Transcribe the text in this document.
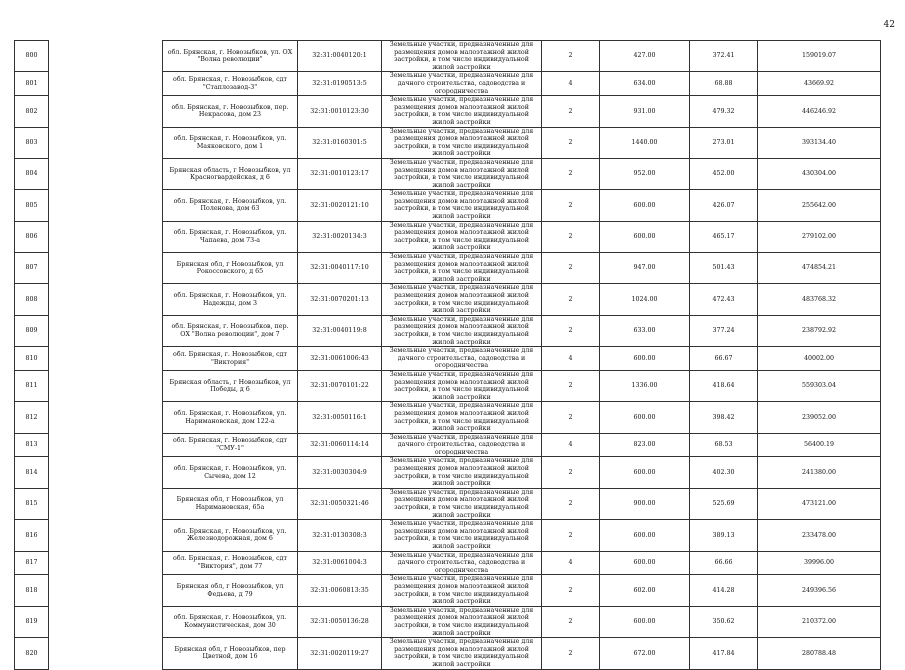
42
800		обл. Брянская, г. Новозыбков, ул. ОХ "Волна революции"	32:31:0040120:1	Земельные участки, предназначенные для размещения домов малоэтажной жилой застройки, в том числе индивидуальной жилой застройки	2	427.00	372.41	159019.07
801		обл. Брянская, г. Новозыбков, сдт "Стаплозавод-3"	32:31:0190513:5	Земельные участки, предназначенные для дачного строительства, садоводства и огородничества	4	634.00	68.88	43669.92
802		обл. Брянская, г. Новозыбков, пер. Некрасова, дом 23	32:31:0010123:30	Земельные участки, предназначенные для размещения домов малоэтажной жилой застройки, в том числе индивидуальной жилой застройки	2	931.00	479.32	446246.92
803		обл. Брянская, г. Новозыбков, ул. Маяковского, дом 1	32:31:0160301:5	Земельные участки, предназначенные для размещения домов малоэтажной жилой застройки, в том числе индивидуальной жилой застройки	2	1440.00	273.01	393134.40
804		Брянская область, г Новозыбков, ул Красногвардейская, д 6	32:31:0010123:17	Земельные участки, предназначенные для размещения домов малоэтажной жилой застройки, в том числе индивидуальной жилой застройки	2	952.00	452.00	430304.00
805		обл. Брянская, г. Новозыбков, ул. Поленова, дом 63	32:31:0020121:10	Земельные участки, предназначенные для размещения домов малоэтажной жилой застройки, в том числе индивидуальной жилой застройки	2	600.00	426.07	255642.00
806		обл. Брянская, г. Новозыбков, ул. Чапаева, дом 73-а	32:31:0020134:3	Земельные участки, предназначенные для размещения домов малоэтажной жилой застройки, в том числе индивидуальной жилой застройки	2	600.00	465.17	279102.00
807		Брянская обл, г Новозыбков, ул Рокоссовского, д 65	32:31:0040117:10	Земельные участки, предназначенные для размещения домов малоэтажной жилой застройки, в том числе индивидуальной жилой застройки	2	947.00	501.43	474854.21
808		обл. Брянская, г. Новозыбков, ул. Надежды, дом 3	32:31:0070201:13	Земельные участки, предназначенные для размещения домов малоэтажной жилой застройки, в том числе индивидуальной жилой застройки	2	1024.00	472.43	483768.32
809		обл. Брянская, г. Новозыбков, пер. ОХ "Волна революции", дом 7	32:31:0040119:8	Земельные участки, предназначенные для размещения домов малоэтажной жилой застройки, в том числе индивидуальной жилой застройки	2	633.00	377.24	238792.92
810		обл. Брянская, г. Новозыбков, сдт "Виктория"	32:31:0061006:43	Земельные участки, предназначенные для дачного строительства, садоводства и огородничества	4	600.00	66.67	40002.00
811		Брянская область, г Новозыбков, ул Победы, д 6	32:31:0070101:22	Земельные участки, предназначенные для размещения домов малоэтажной жилой застройки, в том числе индивидуальной жилой застройки	2	1336.00	418.64	559303.04
812		обл. Брянская, г. Новозыбков, ул. Наримановская, дом 122-а	32:31:0050116:1	Земельные участки, предназначенные для размещения домов малоэтажной жилой застройки, в том числе индивидуальной жилой застройки	2	600.00	398.42	239052.00
813		обл. Брянская, г. Новозыбков, сдт "СМУ-1"	32:31:0060114:14	Земельные участки, предназначенные для дачного строительства, садоводства и огородничества	4	823.00	68.53	56400.19
814		обл. Брянская, г. Новозыбков, ул. Сычева, дом 12	32:31:0030304:9	Земельные участки, предназначенные для размещения домов малоэтажной жилой застройки, в том числе индивидуальной жилой застройки	2	600.00	402.30	241380.00
815		Брянская обл, г Новозыбков, ул Наримановская, 65а	32:31:0050321:46	Земельные участки, предназначенные для размещения домов малоэтажной жилой застройки, в том числе индивидуальной жилой застройки	2	900.00	525.69	473121.00
816		обл. Брянская, г. Новозыбков, ул. Железнодорожная, дом 6	32:31:0130308:3	Земельные участки, предназначенные для размещения домов малоэтажной жилой застройки, в том числе индивидуальной жилой застройки	2	600.00	389.13	233478.00
817		обл. Брянская, г. Новозыбков, сдт "Виктория", дом 77	32:31:0061004:3	Земельные участки, предназначенные для дачного строительства, садоводства и огородничества	4	600.00	66.66	39996.00
818		Брянская обл, г Новозыбков, ул Федьева, д 79	32:31:0060813:35	Земельные участки, предназначенные для размещения домов малоэтажной жилой застройки, в том числе индивидуальной жилой застройки	2	602.00	414.28	249396.56
819		обл. Брянская, г. Новозыбков, ул. Коммунистическая, дом 30	32:31:0050136:28	Земельные участки, предназначенные для размещения домов малоэтажной жилой застройки, в том числе индивидуальной жилой застройки	2	600.00	350.62	210372.00
820		Брянская обл, г Новозыбков, пер Цветной, дом 16	32:31:0020119:27	Земельные участки, предназначенные для размещения домов малоэтажной жилой застройки, в том числе индивидуальной жилой застройки	2	672.00	417.84	280788.48
